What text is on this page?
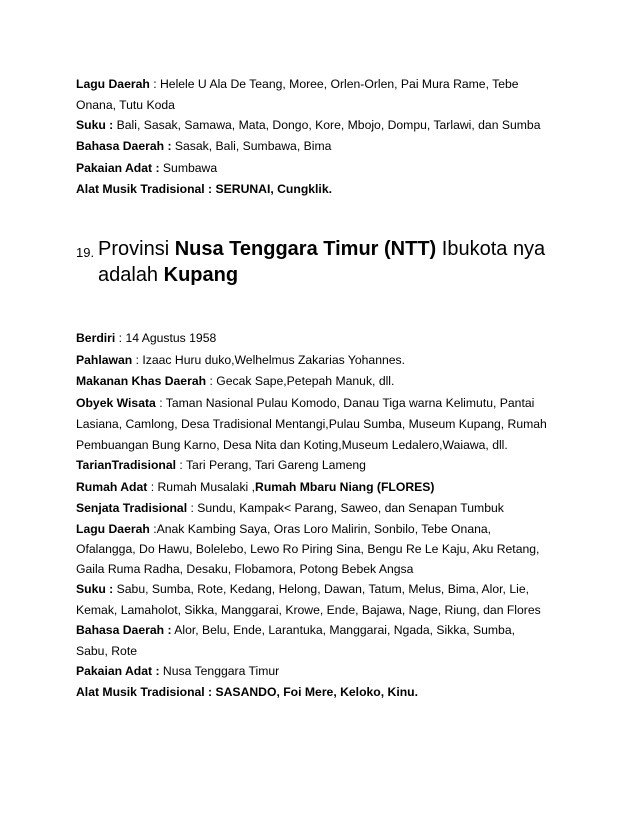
Lagu Daerah : Helele U Ala De Teang, Moree, Orlen-Orlen, Pai Mura Rame, Tebe
Onana, Tutu Koda
Suku : Bali, Sasak, Samawa, Mata, Dongo, Kore, Mbojo, Dompu, Tarlawi, dan Sumba
Bahasa Daerah : Sasak, Bali, Sumbawa, Bima
Pakaian Adat : Sumbawa
Alat Musik Tradisional : SERUNAI, Cungklik.
19. Provinsi Nusa Tenggara Timur (NTT) Ibukota nya
adalah Kupang
Berdiri : 14 Agustus 1958
Pahlawan : Izaac Huru duko,Welhelmus Zakarias Yohannes.
Makanan Khas Daerah : Gecak Sape,Petepah Manuk, dll.
Obyek Wisata : Taman Nasional Pulau Komodo, Danau Tiga warna Kelimutu, Pantai
Lasiana, Camlong, Desa Tradisional Mentangi,Pulau Sumba, Museum Kupang, Rumah
Pembuangan Bung Karno, Desa Nita dan Koting,Museum Ledalero,Waiawa, dll.
TarianTradisional : Tari Perang, Tari Gareng Lameng
Rumah Adat : Rumah Musalaki ,Rumah Mbaru Niang (FLORES)
Senjata Tradisional : Sundu, Kampak< Parang, Saweo, dan Senapan Tumbuk
Lagu Daerah :Anak Kambing Saya, Oras Loro Malirin, Sonbilo, Tebe Onana,
Ofalangga, Do Hawu, Bolelebo, Lewo Ro Piring Sina, Bengu Re Le Kaju, Aku Retang,
Gaila Ruma Radha, Desaku, Flobamora, Potong Bebek Angsa
Suku : Sabu, Sumba, Rote, Kedang, Helong, Dawan, Tatum, Melus, Bima, Alor, Lie,
Kemak, Lamaholot, Sikka, Manggarai, Krowe, Ende, Bajawa, Nage, Riung, dan Flores
Bahasa Daerah : Alor, Belu, Ende, Larantuka, Manggarai, Ngada, Sikka, Sumba,
Sabu, Rote
Pakaian Adat : Nusa Tenggara Timur
Alat Musik Tradisional : SASANDO, Foi Mere, Keloko, Kinu.
